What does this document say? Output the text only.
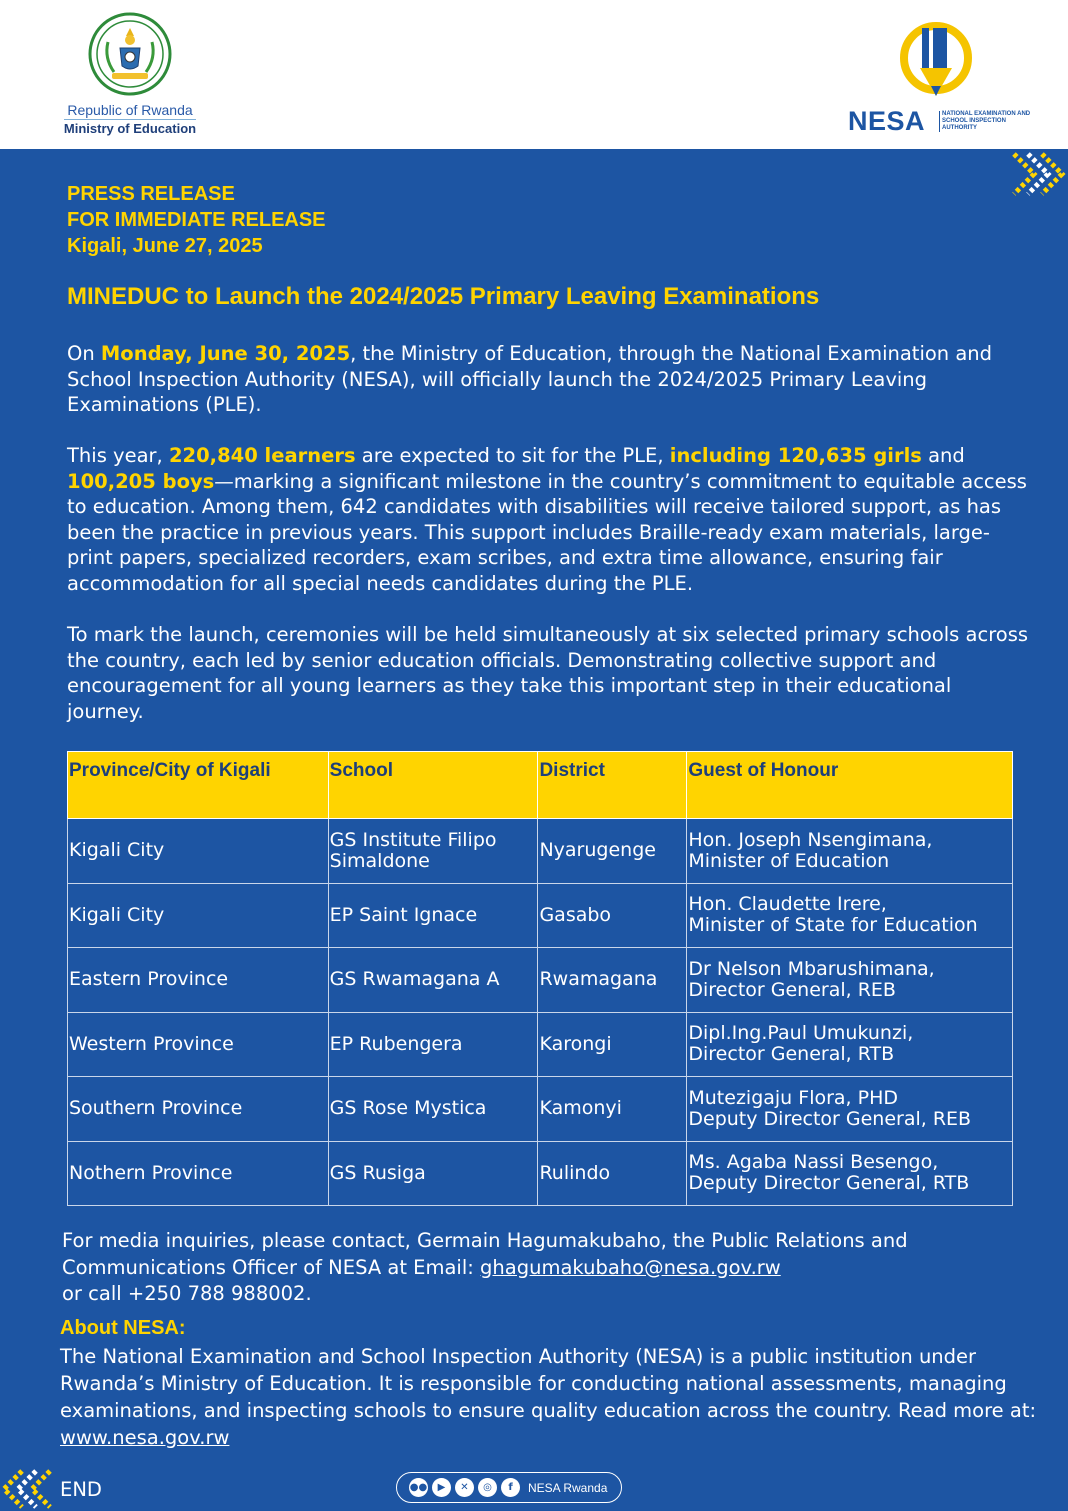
Republic of Rwanda
Ministry of Education	NESA	NATIONAL EXAMINATION AND SCHOOL INSPECTION AUTHORITY
PRESS RELEASE
FOR IMMEDIATE RELEASE
Kigali, June 27, 2025
MINEDUC to Launch the 2024/2025 Primary Leaving Examinations
On Monday, June 30, 2025, the Ministry of Education, through the National Examination and School Inspection Authority (NESA), will officially launch the 2024/2025 Primary Leaving Examinations (PLE).
This year, 220,840 learners are expected to sit for the PLE, including 120,635 girls and 100,205 boys—marking a significant milestone in the country’s commitment to equitable access to education. Among them, 642 candidates with disabilities will receive tailored support, as has been the practice in previous years. This support includes Braille-ready exam materials, large-print papers, specialized recorders, exam scribes, and extra time allowance, ensuring fair accommodation for all special needs candidates during the PLE.
To mark the launch, ceremonies will be held simultaneously at six selected primary schools across the country, each led by senior education officials. Demonstrating collective support and encouragement for all young learners as they take this important step in their educational journey.
Province/City of Kigali	School	District	Guest of Honour
Kigali City	GS Institute Filipo Simaldone	Nyarugenge	Hon. Joseph Nsengimana,
Minister of Education

Kigali City	EP Saint Ignace	Gasabo	Hon. Claudette Irere,
Minister of State for Education

Eastern Province	GS Rwamagana A	Rwamagana	Dr Nelson Mbarushimana,
Director General, REB

Western Province	EP Rubengera	Karongi	Dipl.Ing.Paul Umukunzi,
Director General, RTB

Southern Province	GS Rose Mystica	Kamonyi	Mutezigaju Flora, PHD
Deputy Director General, REB

Nothern Province	GS Rusiga	Rulindo	Ms. Agaba Nassi Besengo,
Deputy Director General, RTB
For media inquiries, please contact, Germain Hagumakubaho, the Public Relations and Communications Officer of NESA at Email: ghagumakubaho@nesa.gov.rw
or call +250 788 988002.
About NESA:
The National Examination and School Inspection Authority (NESA) is a public institution under Rwanda’s Ministry of Education. It is responsible for conducting national assessments, managing examinations, and inspecting schools to ensure quality education across the country. Read more at: www.nesa.gov.rw
END	●●	▶	✕	◎	f	NESA Rwanda
